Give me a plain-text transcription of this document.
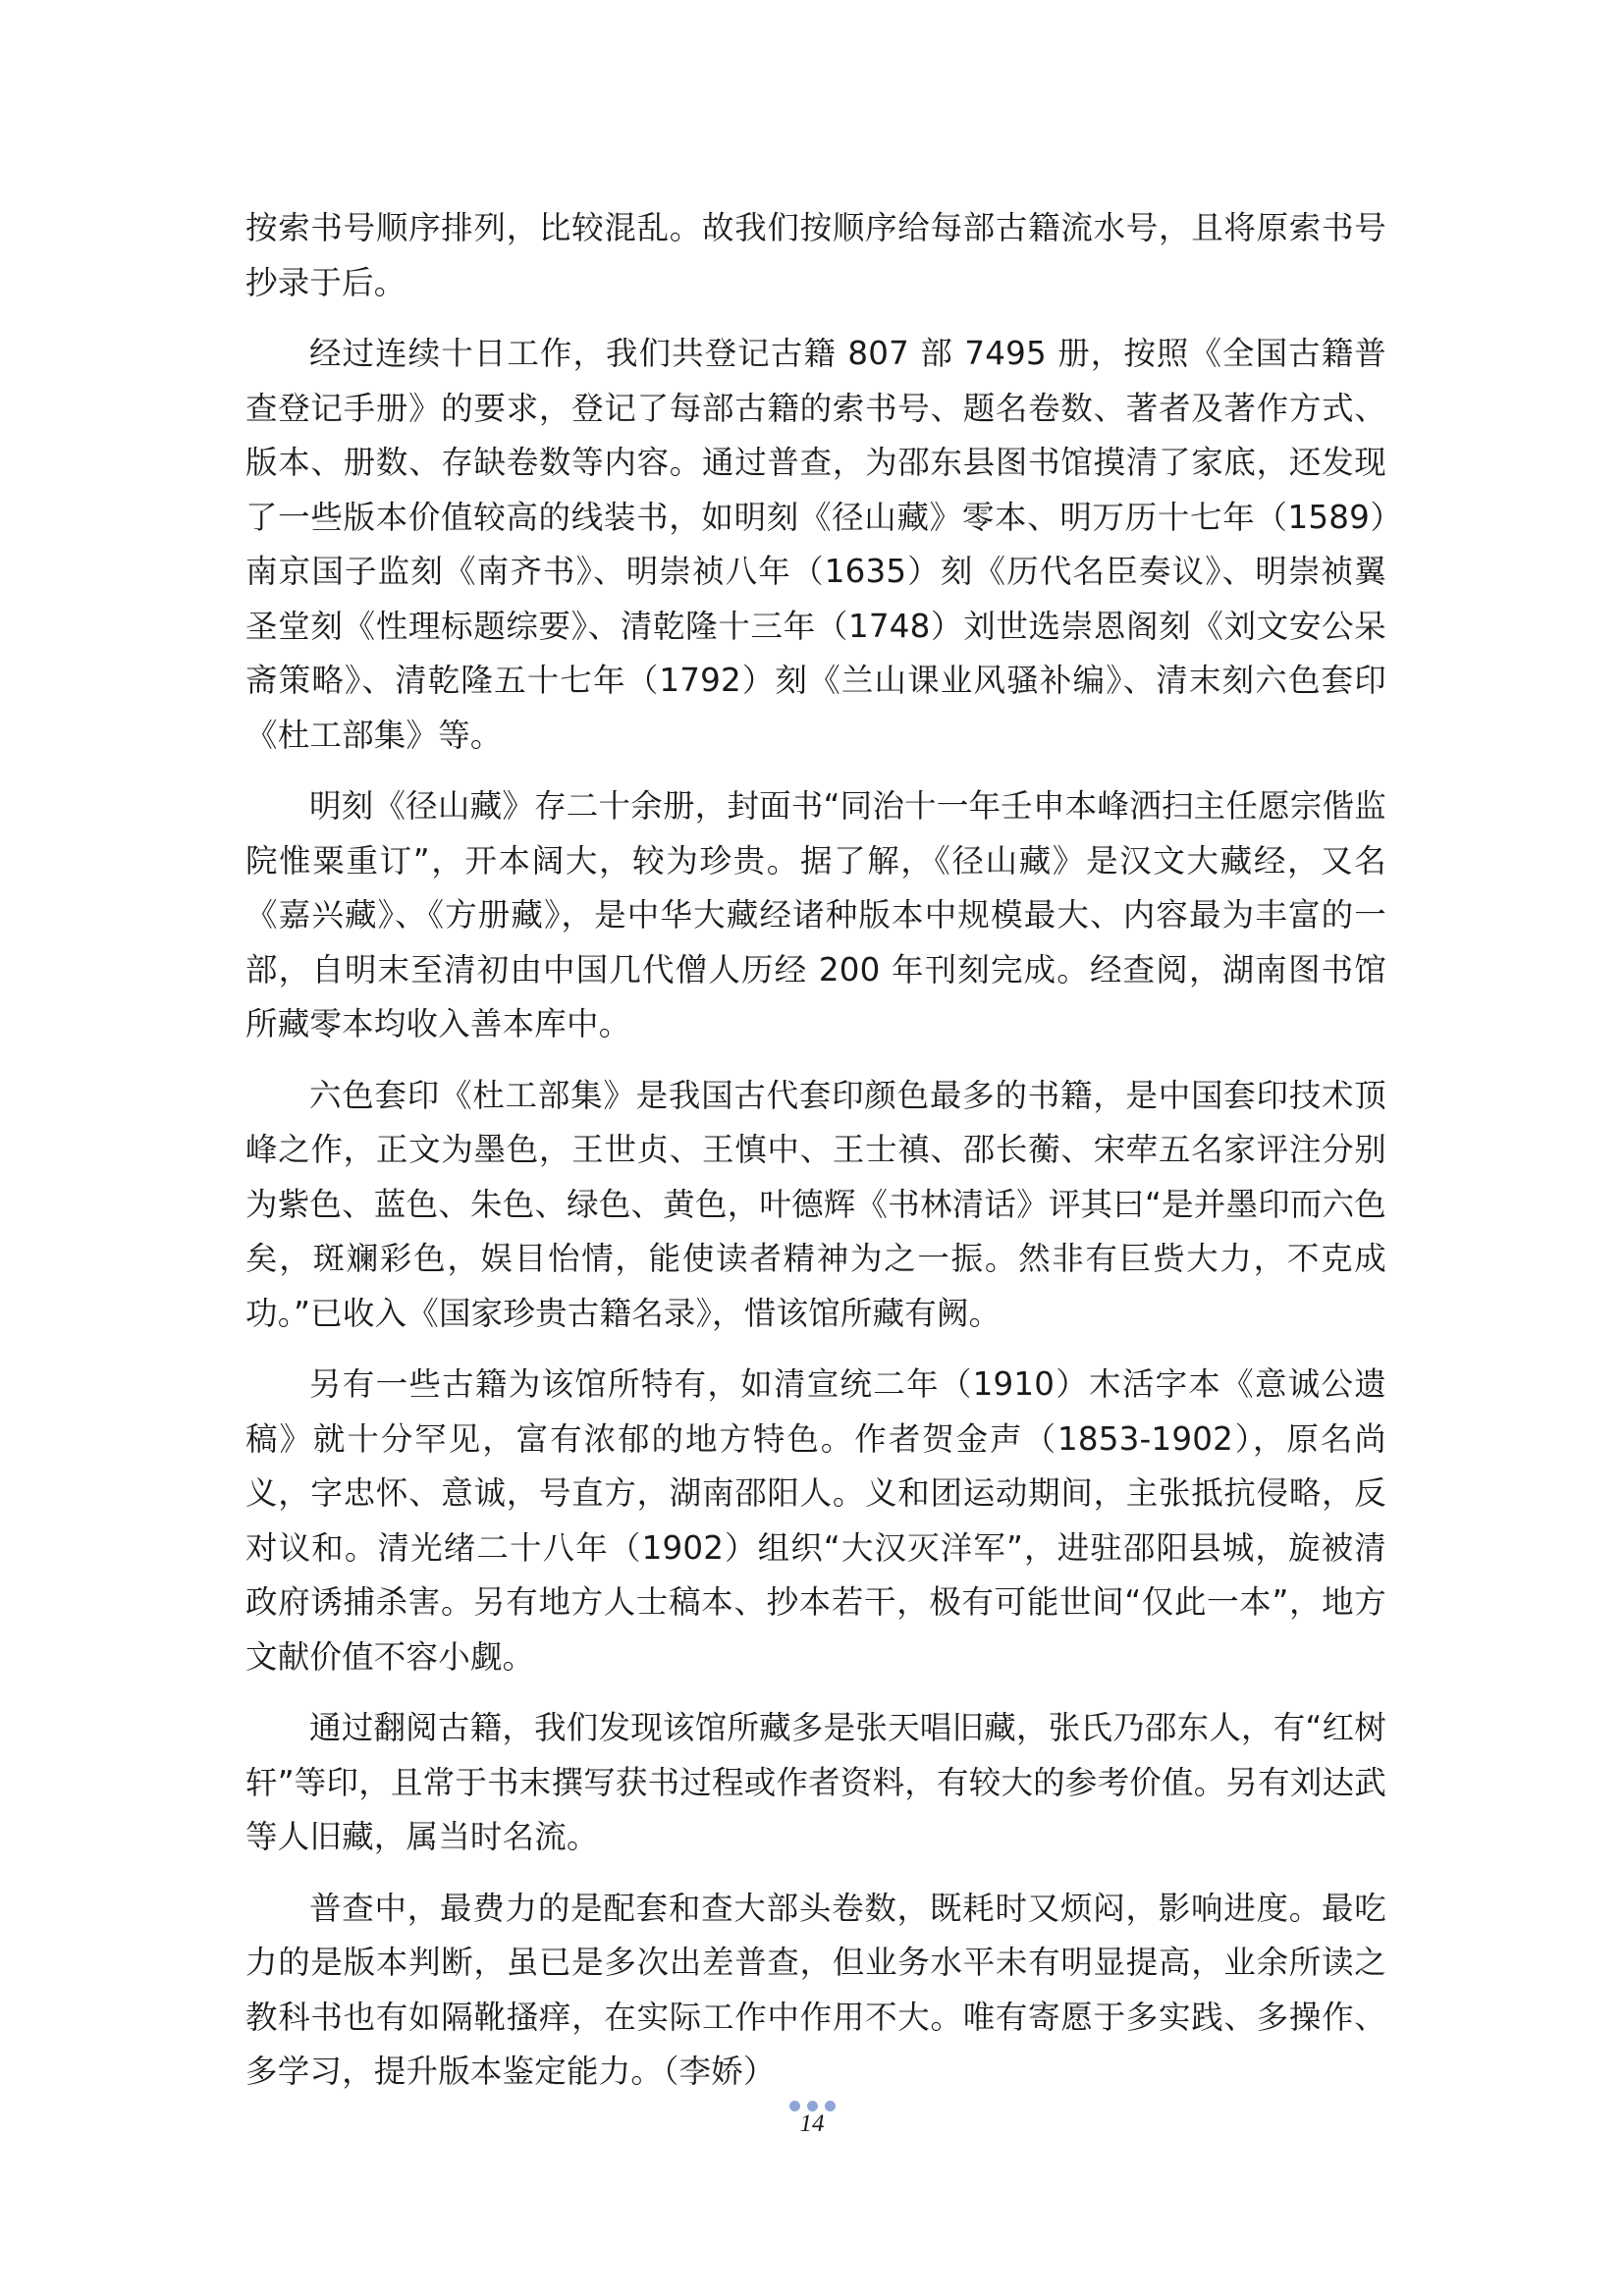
按索书号顺序排列，比较混乱。故我们按顺序给每部古籍流水号，且将原索书号抄录于后。

经过连续十日工作，我们共登记古籍 807 部 7495 册，按照《全国古籍普查登记手册》的要求，登记了每部古籍的索书号、题名卷数、著者及著作方式、版本、册数、存缺卷数等内容。通过普查，为邵东县图书馆摸清了家底，还发现了一些版本价值较高的线装书，如明刻《径山藏》零本、明万历十七年（1589）南京国子监刻《南齐书》、明崇祯八年（1635）刻《历代名臣奏议》、明崇祯翼圣堂刻《性理标题综要》、清乾隆十三年（1748）刘世选崇恩阁刻《刘文安公呆斋策略》、清乾隆五十七年（1792）刻《兰山课业风骚补编》、清末刻六色套印《杜工部集》等。

明刻《径山藏》存二十余册，封面书“同治十一年壬申本峰洒扫主任愿宗偕监院惟粟重订”，开本阔大，较为珍贵。据了解，《径山藏》是汉文大藏经，又名《嘉兴藏》、《方册藏》，是中华大藏经诸种版本中规模最大、内容最为丰富的一部，自明末至清初由中国几代僧人历经 200 年刊刻完成。经查阅，湖南图书馆所藏零本均收入善本库中。

六色套印《杜工部集》是我国古代套印颜色最多的书籍，是中国套印技术顶峰之作，正文为墨色，王世贞、王慎中、王士禛、邵长蘅、宋荦五名家评注分别为紫色、蓝色、朱色、绿色、黄色，叶德辉《书林清话》评其曰“是并墨印而六色矣，斑斓彩色，娱目怡情，能使读者精神为之一振。然非有巨赀大力，不克成功。”已收入《国家珍贵古籍名录》，惜该馆所藏有阙。

另有一些古籍为该馆所特有，如清宣统二年（1910）木活字本《意诚公遗稿》就十分罕见，富有浓郁的地方特色。作者贺金声（1853-1902），原名尚义，字忠怀、意诚，号直方，湖南邵阳人。义和团运动期间，主张抵抗侵略，反对议和。清光绪二十八年（1902）组织“大汉灭洋军”，进驻邵阳县城，旋被清政府诱捕杀害。另有地方人士稿本、抄本若干，极有可能世间“仅此一本”，地方文献价值不容小觑。

通过翻阅古籍，我们发现该馆所藏多是张天唱旧藏，张氏乃邵东人，有“红树轩”等印，且常于书末撰写获书过程或作者资料，有较大的参考价值。另有刘达武等人旧藏，属当时名流。

普查中，最费力的是配套和查大部头卷数，既耗时又烦闷，影响进度。最吃力的是版本判断，虽已是多次出差普查，但业务水平未有明显提高，业余所读之教科书也有如隔靴搔痒，在实际工作中作用不大。唯有寄愿于多实践、多操作、多学习，提升版本鉴定能力。（李娇）

14
